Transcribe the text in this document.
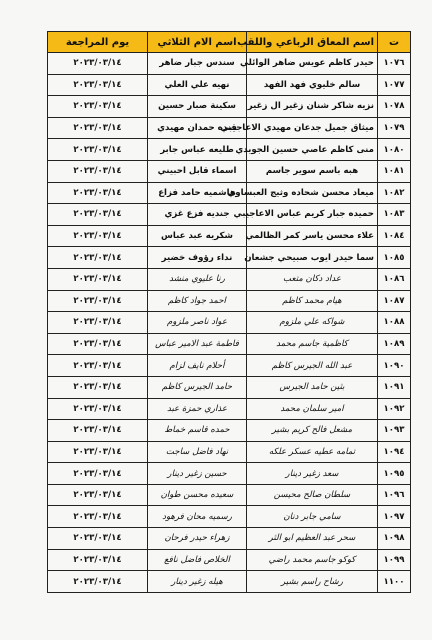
ت	اسم المعاق الرباعي واللقب	اسم الام الثلاثي	يوم المراجعة
١٠٧٦	حيدر كاظم عويس ضاهر الوائلي	سندس جبار ضاهر	٢٠٢٣/٠٣/١٤
١٠٧٧	سالم خليوي فهد الفهد	نهيه علي العلي	٢٠٢٣/٠٣/١٤
١٠٧٨	نزيه شاكر شنان زغير ال زغير	سكينة صبار حسين	٢٠٢٣/٠٣/١٤
١٠٧٩	ميثاق جميل جدعان مهيدي الاعاجيبي	قنده حمدان مهيدي	٢٠٢٣/٠٣/١٤
١٠٨٠	منى كاظم عاصي حسين الجويدي	طليعه عباس جابر	٢٠٢٣/٠٣/١٤
١٠٨١	هبه باسم سوير جاسم	اسماء قابل احبيني	٢٠٢٣/٠٣/١٤
١٠٨٢	ميعاد محسن شحاده وثيج العبساوي	هاشميه حامد فزاع	٢٠٢٣/٠٣/١٤
١٠٨٣	حميده جبار كريم عباس الاعاجيبي	جنديه فزع غزي	٢٠٢٣/٠٣/١٤
١٠٨٤	علاء محسن ياسر كمر الظالمي	شكريه عبد عباس	٢٠٢٣/٠٣/١٤
١٠٨٥	سما حيدر ايوب صبيحي جشعان	نداء رؤوف خضير	٢٠٢٣/٠٣/١٤
١٠٨٦	عداد دكان متعب	رنا عليوي منشد	٢٠٢٣/٠٣/١٤
١٠٨٧	هيام محمد كاظم	احمد جواد كاظم	٢٠٢٣/٠٣/١٤
١٠٨٨	شواكه علي ملزوم	عواد ناصر ملزوم	٢٠٢٣/٠٣/١٤
١٠٨٩	كاظمية جاسم محمد	فاطمة عبد الامير عباس	٢٠٢٣/٠٣/١٤
١٠٩٠	عبد الله الجيرس كاظم	أحلام نايف لزام	٢٠٢٣/٠٣/١٤
١٠٩١	بثين حامد الجيرس	حامد الجيرس كاظم	٢٠٢٣/٠٣/١٤
١٠٩٢	امير سلمان محمد	عذاري حمزة عبد	٢٠٢٣/٠٣/١٤
١٠٩٣	مشعل فالح كريم بشير	حمده قاسم خماط	٢٠٢٣/٠٣/١٤
١٠٩٤	تمامه عطيه عسكر علكه	نهاد فاضل ساجت	٢٠٢٣/٠٣/١٤
١٠٩٥	سعد زغير دينار	حسين زغير دينار	٢٠٢٣/٠٣/١٤
١٠٩٦	سلطان صالح محيسن	سعيده محسن طوان	٢٠٢٣/٠٣/١٤
١٠٩٧	سامي جابر دنان	رسميه محان فرهود	٢٠٢٣/٠٣/١٤
١٠٩٨	سحر عبد العظيم ابو الثر	زهراء حيدر فرحان	٢٠٢٣/٠٣/١٤
١٠٩٩	كوكو جاسم محمد راضي	الخلاص فاضل نافع	٢٠٢٣/٠٣/١٤
١١٠٠	رشاح راسم بشير	هيله زغير دينار	٢٠٢٣/٠٣/١٤
